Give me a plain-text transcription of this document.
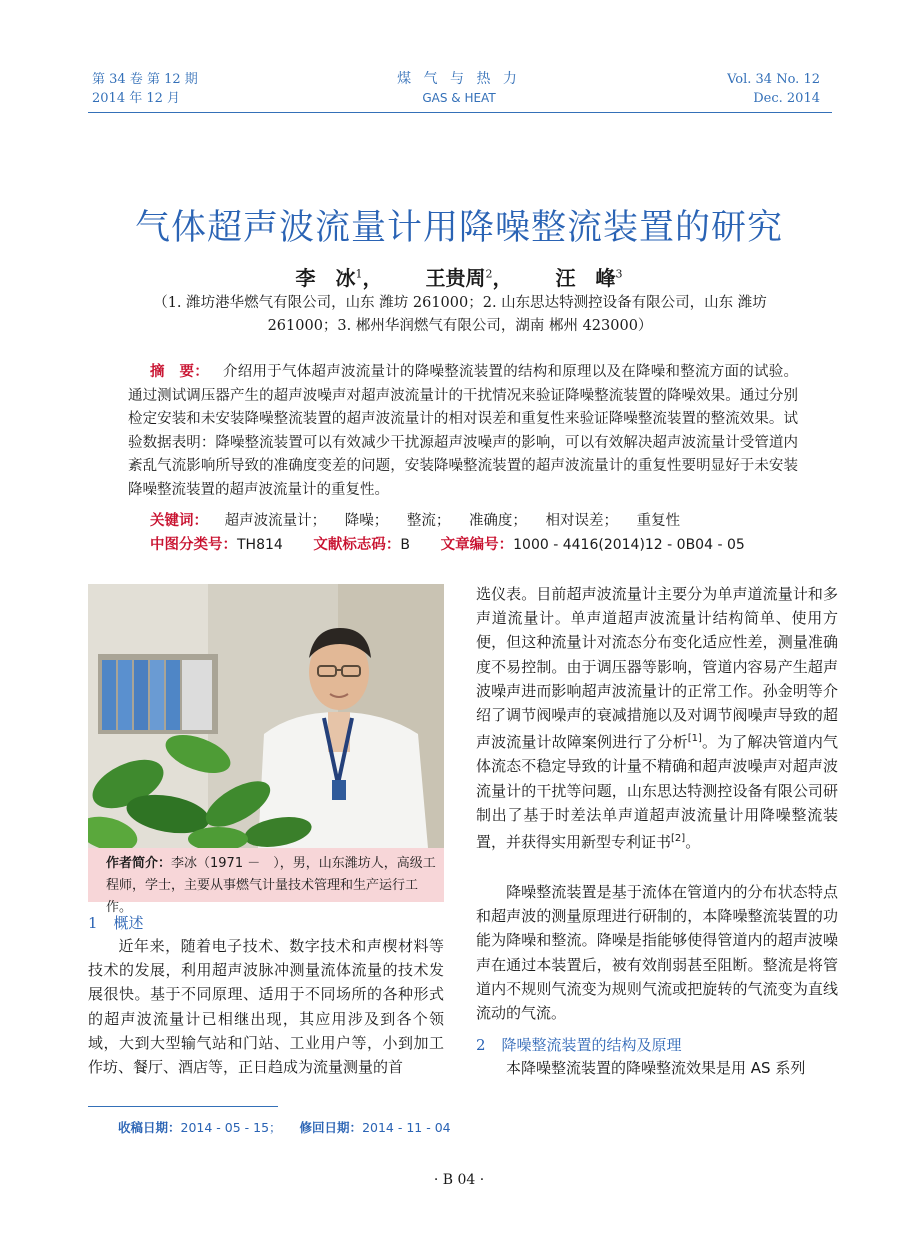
第 34 卷 第 12 期
2014 年 12 月
煤 气 与 热 力
GAS & HEAT
Vol. 34 No. 12
Dec. 2014
气体超声波流量计用降噪整流装置的研究
李　冰$^1$， 王贵周$^2$， 汪　峰$^3$
（1. 潍坊港华燃气有限公司，山东 潍坊 261000；2. 山东思达特测控设备有限公司，山东 潍坊 261000；3. 郴州华润燃气有限公司，湖南 郴州 423000）
摘　要： 介绍用于气体超声波流量计的降噪整流装置的结构和原理以及在降噪和整流方面的试验。通过测试调压器产生的超声波噪声对超声波流量计的干扰情况来验证降噪整流装置的降噪效果。通过分别检定安装和未安装降噪整流装置的超声波流量计的相对误差和重复性来验证降噪整流装置的整流效果。试验数据表明：降噪整流装置可以有效减少干扰源超声波噪声的影响，可以有效解决超声波流量计受管道内紊乱气流影响所导致的准确度变差的问题，安装降噪整流装置的超声波流量计的重复性要明显好于未安装降噪整流装置的超声波流量计的重复性。
关键词： 超声波流量计； 降噪； 整流； 准确度； 相对误差； 重复性
中图分类号：TH814 文献标志码：B 文章编号：1000 - 4416(2014)12 - 0B04 - 05
作者简介：李冰（1971 －　），男，山东潍坊人，高级工程师，学士，主要从事燃气计量技术管理和生产运行工作。
1 概述
近年来，随着电子技术、数字技术和声楔材料等技术的发展，利用超声波脉冲测量流体流量的技术发展很快。基于不同原理、适用于不同场所的各种形式的超声波流量计已相继出现，其应用涉及到各个领域，大到大型输气站和门站、工业用户等，小到加工作坊、餐厅、酒店等，正日趋成为流量测量的首
选仪表。目前超声波流量计主要分为单声道流量计和多声道流量计。单声道超声波流量计结构简单、使用方便，但这种流量计对流态分布变化适应性差，测量准确度不易控制。由于调压器等影响，管道内容易产生超声波噪声进而影响超声波流量计的正常工作。孙金明等介绍了调节阀噪声的衰减措施以及对调节阀噪声导致的超声波流量计故障案例进行了分析[1]。为了解决管道内气体流态不稳定导致的计量不精确和超声波噪声对超声波流量计的干扰等问题，山东思达特测控设备有限公司研制出了基于时差法单声道超声波流量计用降噪整流装置，并获得实用新型专利证书[2]。
降噪整流装置是基于流体在管道内的分布状态特点和超声波的测量原理进行研制的，本降噪整流装置的功能为降噪和整流。降噪是指能够使得管道内的超声波噪声在通过本装置后，被有效削弱甚至阻断。整流是将管道内不规则气流变为规则气流或把旋转的气流变为直线流动的气流。
2 降噪整流装置的结构及原理
本降噪整流装置的降噪整流效果是用 AS 系列
收稿日期：2014 - 05 - 15； 修回日期：2014 - 11 - 04
· B 04 ·
